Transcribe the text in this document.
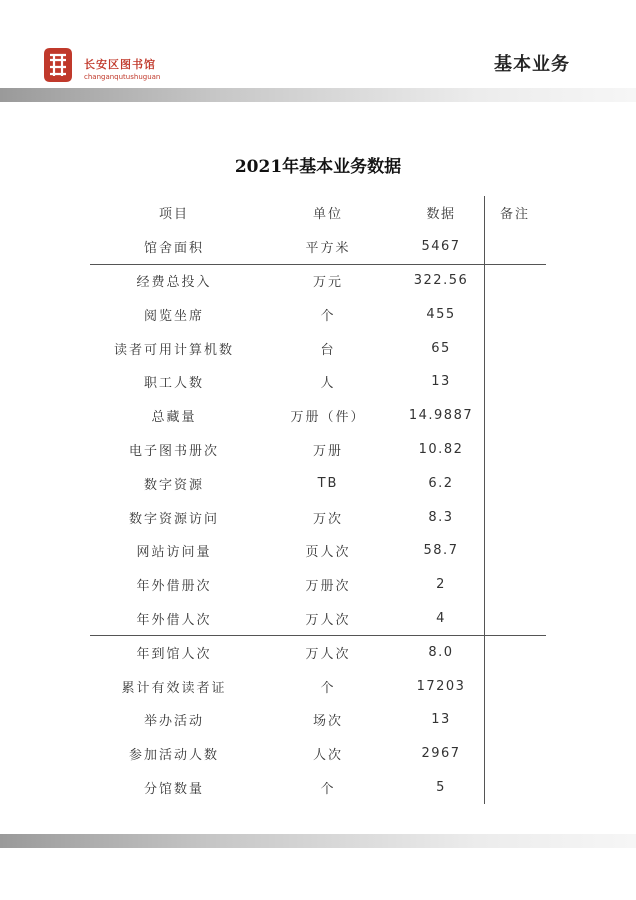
长安区图书馆
changanqutushuguan
基本业务
2021年基本业务数据
项目	单位	数据	备注
馆舍面积	平方米	5467
经费总投入	万元	322.56
阅览坐席	个	455
读者可用计算机数	台	65
职工人数	人	13
总藏量	万册（件）	14.9887
电子图书册次	万册	10.82
数字资源	TB	6.2
数字资源访问	万次	8.3
网站访问量	页人次	58.7
年外借册次	万册次	2
年外借人次	万人次	4
年到馆人次	万人次	8.0
累计有效读者证	个	17203
举办活动	场次	13
参加活动人数	人次	2967
分馆数量	个	5
